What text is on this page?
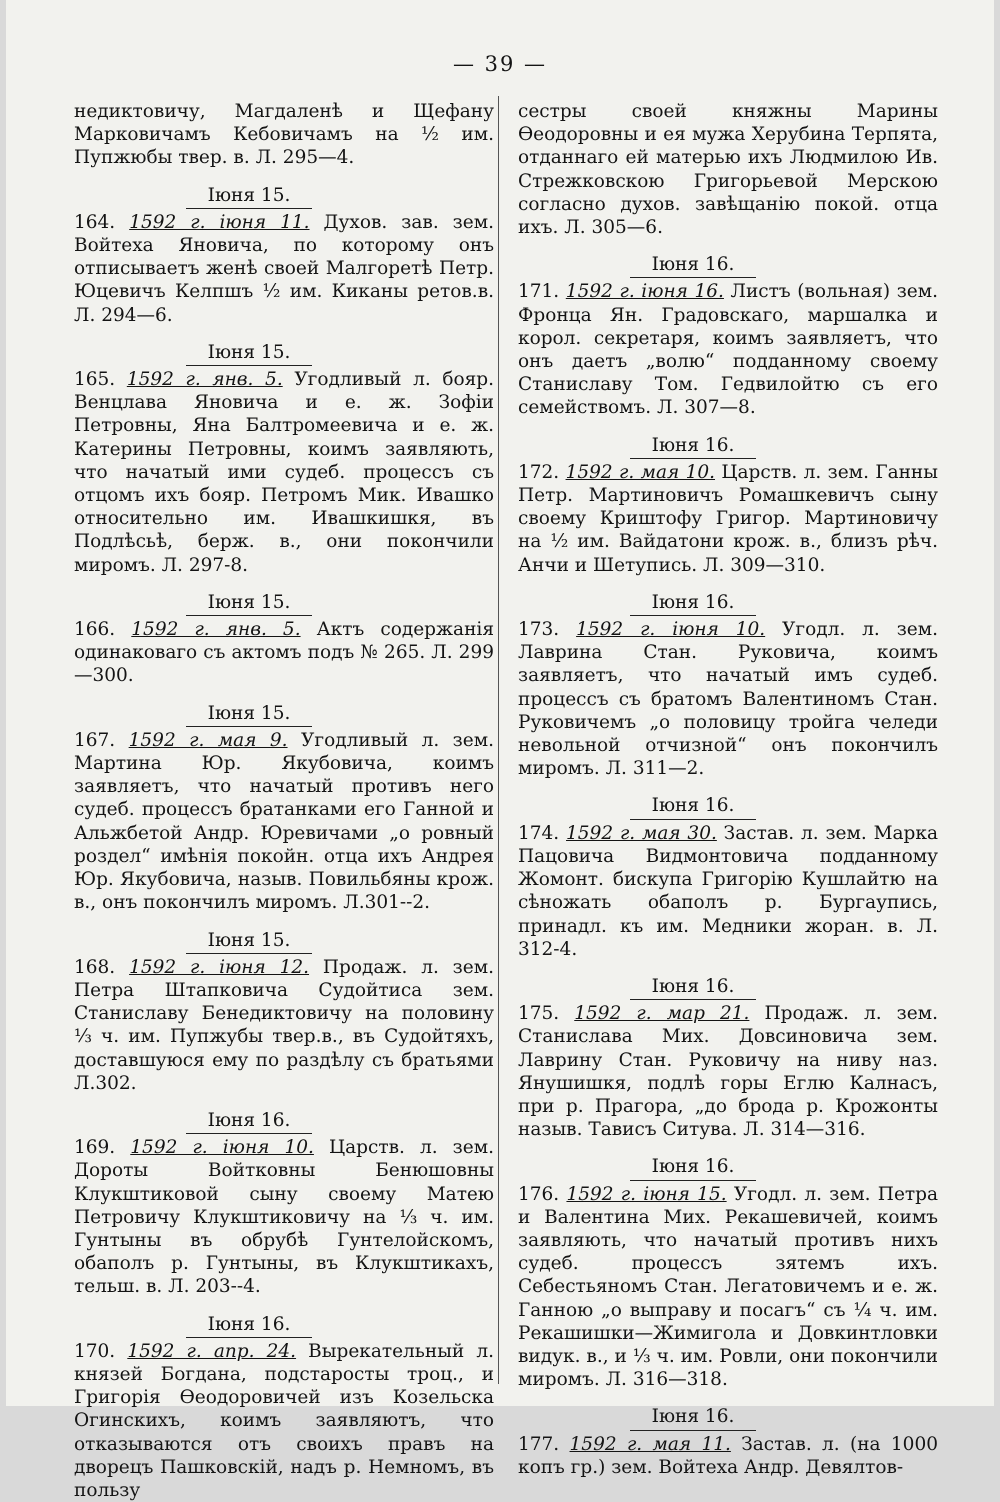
— 39 —

недиктовичу, Магдаленѣ и Щефану Марковичамъ Кебовичамъ на ½ им. Пупжюбы твер. в. Л. 295—4.

Iюня 15.

164. 1592 г. iюня 11. Духов. зав. зем. Войтеха Яновича, по которому онъ отписываетъ женѣ своей Малгоретѣ Петр. Юцевичъ Келпшъ ½ им. Киканы ретов.в. Л. 294—6.

Iюня 15.

165. 1592 г. янв. 5. Угодливый л. бояр. Венцлава Яновича и е. ж. Зофiи Петровны, Яна Балтромеевича и е. ж. Катерины Петровны, коимъ заявляють, что начатый ими судеб. процессъ съ отцомъ ихъ бояр. Петромъ Мик. Ивашко относительно им. Ивашкишкя, въ Подлѣсьѣ, берж. в., они покончили миромъ. Л. 297-8.

Iюня 15.

166. 1592 г. янв. 5. Актъ содержанiя одинаковаго съ актомъ подъ № 265. Л. 299—300.

Iюня 15.

167. 1592 г. мая 9. Угодливый л. зем. Мартина Юр. Якубовича, коимъ заявляетъ, что начатый противъ него судеб. процессъ братанками его Ганной и Альжбетой Андр. Юревичами „о ровный роздел“ имѣнiя покойн. отца ихъ Андрея Юр. Якубовича, назыв. Повильбяны крож. в., онъ покончилъ миромъ. Л.301--2.

Iюня 15.

168. 1592 г. iюня 12. Продаж. л. зем. Петра Штапковича Судойтиса зем. Станиславу Бенедиктовичу на половину ⅓ ч. им. Пупжубы твер.в., въ Судойтяхъ, доставшуюся ему по раздѣлу съ братьями Л.302.

Iюня 16.

169. 1592 г. iюня 10. Царств. л. зем. Дороты Войтковны Бенюшовны Клукштиковой сыну своему Матею Петровичу Клукштиковичу на ⅓ ч. им. Гунтыны въ обрубѣ Гунтелойскомъ, обаполъ р. Гунтыны, въ Клукштикахъ, тельш. в. Л. 203--4.

Iюня 16.

170. 1592 г. апр. 24. Вырекательный л. князей Богдана, подстаросты троц., и Григорiя Ѳеодоровичей изъ Козельска Огинскихъ, коимъ заявляютъ, что отказываются отъ своихъ правъ на дворецъ Пашковскiй, надъ р. Немномъ, въ пользу

сестры своей княжны Марины Ѳеодоровны и ея мужа Херубина Терпята, отданнаго ей матерью ихъ Людмилою Ив. Стрежковскою Григорьевой Мерскою согласно духов. завѣщанiю покой. отца ихъ. Л. 305—6.

Iюня 16.

171. 1592 г. iюня 16. Листъ (вольная) зем. Фронца Ян. Градовскаго, маршалка и корол. секретаря, коимъ заявляетъ, что онъ даетъ „волю“ подданному своему Станиславу Том. Гедвилойтю съ его семействомъ. Л. 307—8.

Iюня 16.

172. 1592 г. мая 10. Царств. л. зем. Ганны Петр. Мартиновичъ Ромашкевичъ сыну своему Криштофу Григор. Мартиновичу на ½ им. Вайдатони крож. в., близъ рѣч. Анчи и Шетупись. Л. 309—310.

Iюня 16.

173. 1592 г. iюня 10. Угодл. л. зем. Лаврина Стан. Руковича, коимъ заявляетъ, что начатый имъ судеб. процессъ съ братомъ Валентиномъ Стан. Руковичемъ „о половицу тройга челеди невольной отчизной“ онъ покончилъ миромъ. Л. 311—2.

Iюня 16.

174. 1592 г. мая 30. Застав. л. зем. Марка Пацовича Видмонтовича подданному Жомонт. бискупа Григорiю Кушлайтю на сѣножать обаполъ р. Бургаупись, принадл. къ им. Медники жоран. в. Л. 312-4.

Iюня 16.

175. 1592 г. мар 21. Продаж. л. зем. Станислава Мих. Довсиновича зем. Лаврину Стан. Руковичу на ниву наз. Янушишкя, подлѣ горы Еглю Калнасъ, при р. Прагора, „до брода р. Крожонты назыв. Тависъ Ситува. Л. 314—316.

Iюня 16.

176. 1592 г. iюня 15. Угодл. л. зем. Петра и Валентина Мих. Рекашевичей, коимъ заявляють, что начатый противъ нихъ судеб. процессъ зятемъ ихъ. Себестьяномъ Стан. Легатовичемъ и е. ж. Ганною „о выправу и посагъ“ съ ¼ ч. им. Рекашишки—Жимигола и Довкинтловки видук. в., и ⅓ ч. им. Ровли, они покончили миромъ. Л. 316—318.

Iюня 16.

177. 1592 г. мая 11. Застав. л. (на 1000 копъ гр.) зем. Войтеха Андр. Девялтов-
